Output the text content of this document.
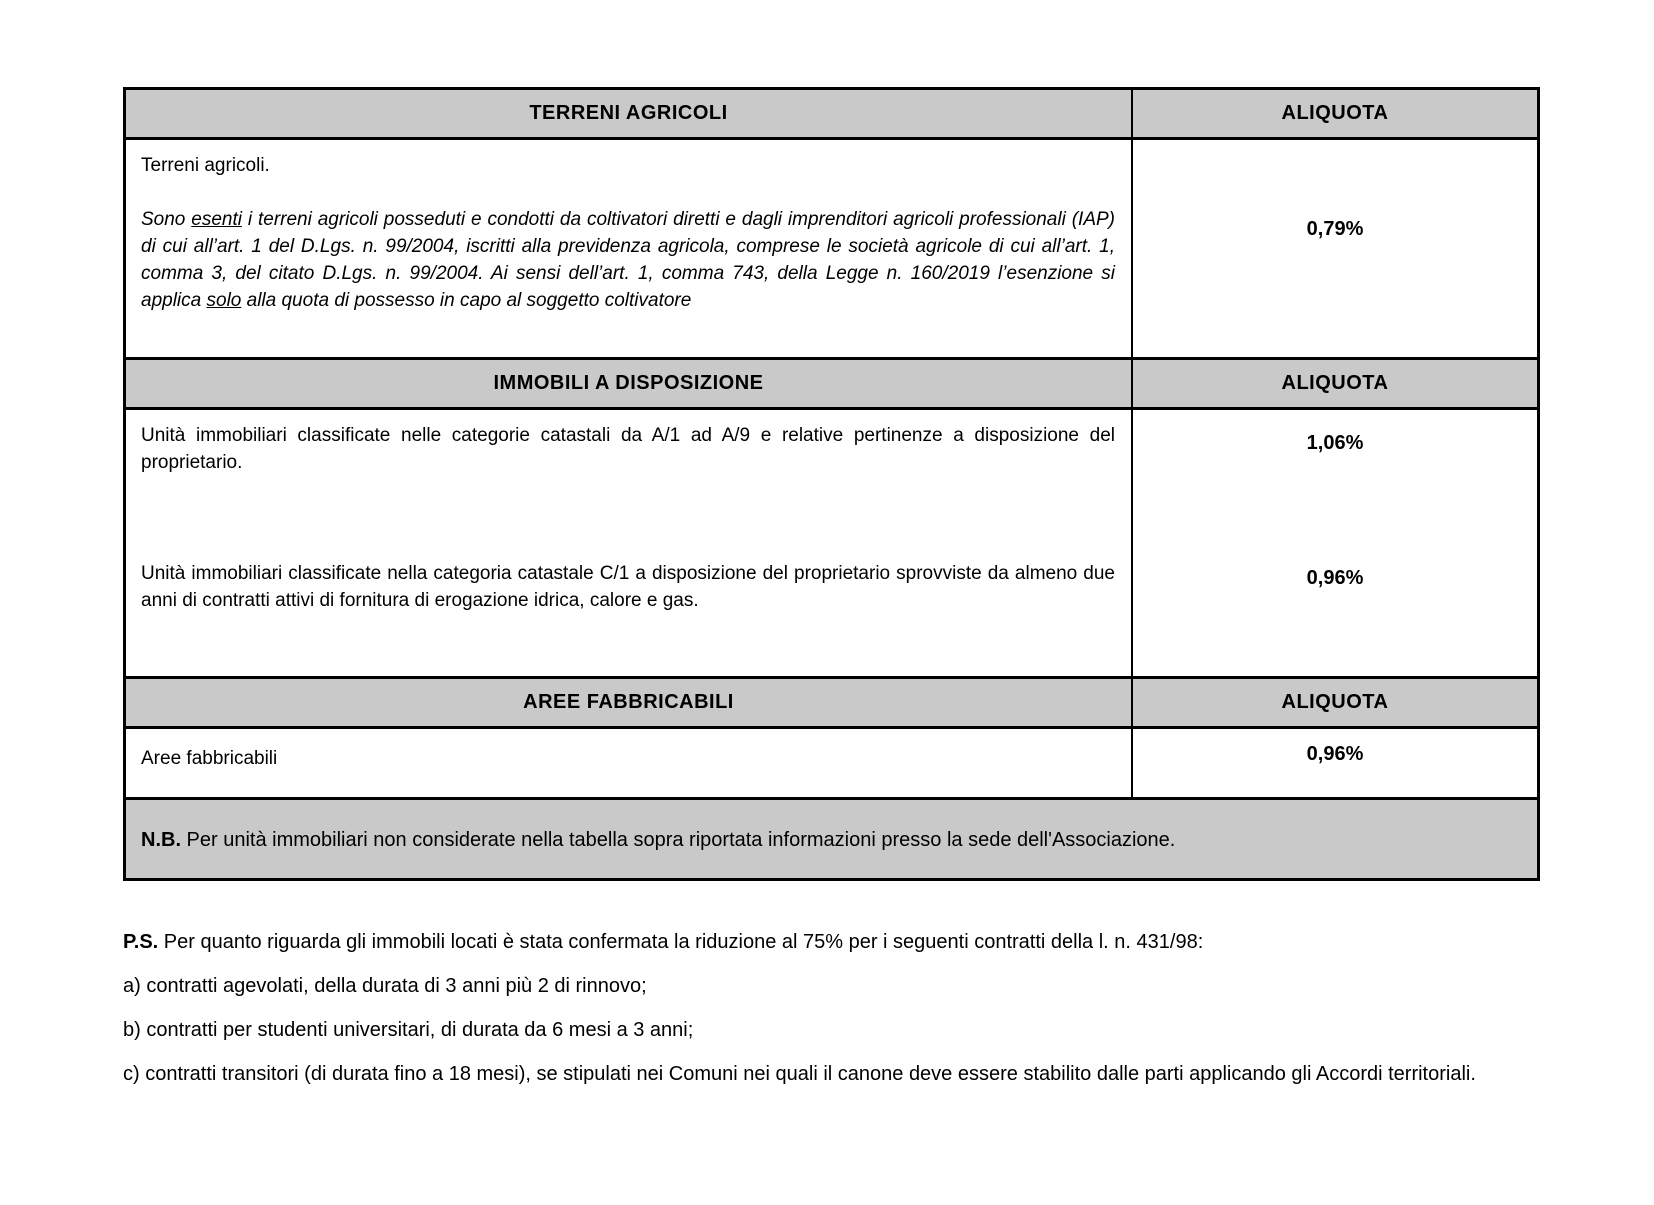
TERRENI AGRICOLI	ALIQUOTA

Terreni agricoli.

Sono esenti i terreni agricoli posseduti e condotti da coltivatori diretti e dagli imprenditori agricoli professionali (IAP) di cui all’art. 1 del D.Lgs. n. 99/2004, iscritti alla previdenza agricola, comprese le società agricole di cui all’art. 1, comma 3, del citato D.Lgs. n. 99/2004. Ai sensi dell’art. 1, comma 743, della Legge n. 160/2019 l’esenzione si applica solo alla quota di possesso in capo al soggetto coltivatore

0,79%
IMMOBILI A DISPOSIZIONE	ALIQUOTA
Unità immobiliari classificate nelle categorie catastali da A/1 ad A/9 e relative pertinenze a disposizione del proprietario.
1,06%
Unità immobiliari classificate nella categoria catastale C/1 a disposizione del proprietario sprovviste da almeno due anni di contratti attivi di fornitura di erogazione idrica, calore e gas.
0,96%
AREE FABBRICABILI	ALIQUOTA
Aree fabbricabili	0,96%
N.B. Per unità immobiliari non considerate nella tabella sopra riportata informazioni presso la sede dell'Associazione.

P.S. Per quanto riguarda gli immobili locati è stata confermata la riduzione al 75% per i seguenti contratti della l. n. 431/98:

a) contratti agevolati, della durata di 3 anni più 2 di rinnovo;

b) contratti per studenti universitari, di durata da 6 mesi a 3 anni;

c) contratti transitori (di durata fino a 18 mesi), se stipulati nei Comuni nei quali il canone deve essere stabilito dalle parti applicando gli Accordi territoriali.
